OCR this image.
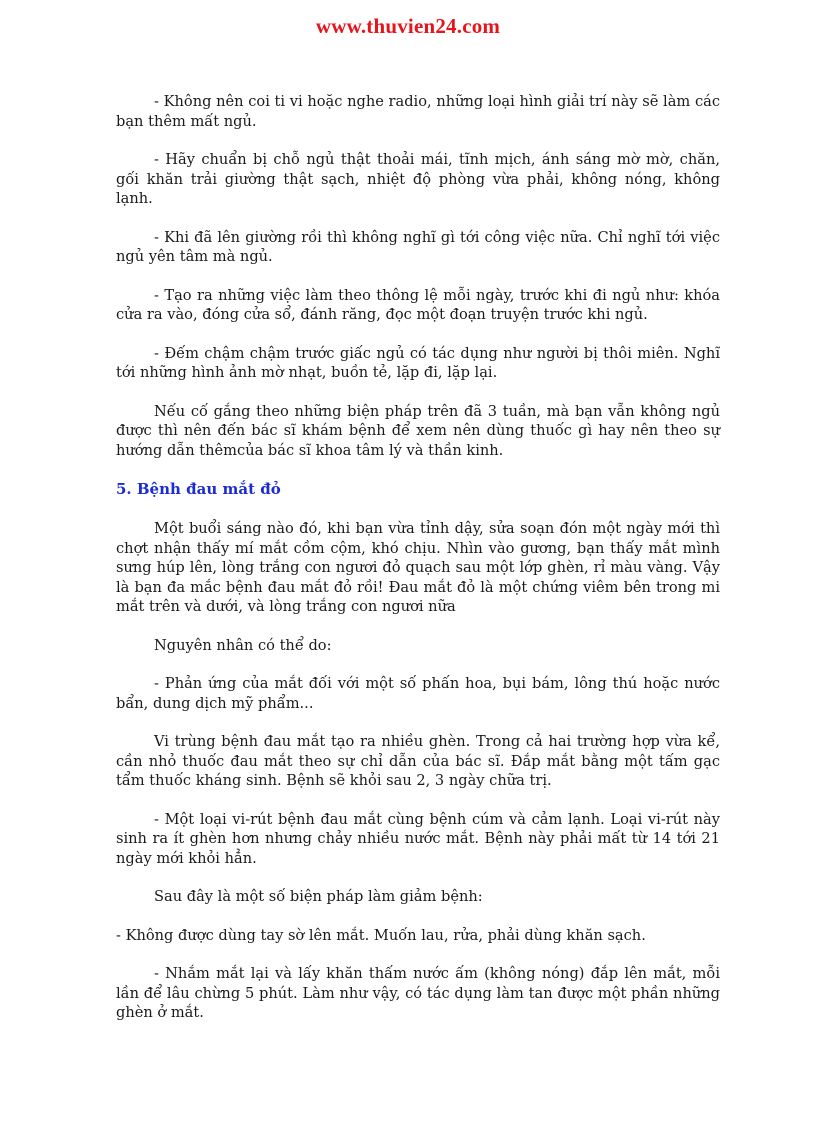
www.thuvien24.com

- Không nên coi ti vi hoặc nghe radio, những loại hình giải trí này sẽ làm các bạn thêm mất ngủ.

- Hãy chuẩn bị chỗ ngủ thật thoải mái, tĩnh mịch, ánh sáng mờ mờ, chăn, gối khăn trải giường thật sạch, nhiệt độ phòng vừa phải, không nóng, không lạnh.

- Khi đã lên giường rồi thì không nghĩ gì tới công việc nữa. Chỉ nghĩ tới việc ngủ yên tâm mà ngủ.

- Tạo ra những việc làm theo thông lệ mỗi ngày, trước khi đi ngủ như: khóa cửa ra vào, đóng cửa sổ, đánh răng, đọc một đoạn truyện trước khi ngủ.

- Đếm chậm chậm trước giấc ngủ có tác dụng như người bị thôi miên. Nghĩ tới những hình ảnh mờ nhạt, buồn tẻ, lặp đi, lặp lại.

Nếu cố gắng theo những biện pháp trên đã 3 tuần, mà bạn vẫn không ngủ được thì nên đến bác sĩ khám bệnh để xem nên dùng thuốc gì hay nên theo sự hướng dẫn thêmcủa bác sĩ khoa tâm lý và thần kinh.

5. Bệnh đau mắt đỏ

Một buổi sáng nào đó, khi bạn vừa tỉnh dậy, sửa soạn đón một ngày mới thì chợt nhận thấy mí mắt cồm cộm, khó chịu. Nhìn vào gương, bạn thấy mắt mình sưng húp lên, lòng trắng con ngươi đỏ quạch sau một lớp ghèn, rỉ màu vàng. Vậy là bạn đa mắc bệnh đau mắt đỏ rồi! Đau mắt đỏ là một chứng viêm bên trong mi mắt trên và dưới, và lòng trắng con ngươi nữa

Nguyên nhân có thể do:

- Phản ứng của mắt đối với một số phấn hoa, bụi bám, lông thú hoặc nước bẩn, dung dịch mỹ phẩm...

Vi trùng bệnh đau mắt tạo ra nhiều ghèn. Trong cả hai trường hợp vừa kể, cần nhỏ thuốc đau mắt theo sự chỉ dẫn của bác sĩ. Đắp mắt bằng một tấm gạc tẩm thuốc kháng sinh. Bệnh sẽ khỏi sau 2, 3 ngày chữa trị.

- Một loại vi-rút bệnh đau mắt cùng bệnh cúm và cảm lạnh. Loại vi-rút này sinh ra ít ghèn hơn nhưng chảy nhiều nước mắt. Bệnh này phải mất từ 14 tới 21 ngày mới khỏi hẳn.

Sau đây là một số biện pháp làm giảm bệnh:

- Không được dùng tay sờ lên mắt. Muốn lau, rửa, phải dùng khăn sạch.

- Nhắm mắt lại và lấy khăn thấm nước ấm (không nóng) đắp lên mắt, mỗi lần để lâu chừng 5 phút. Làm như vậy, có tác dụng làm tan được một phần những ghèn ở mắt.
